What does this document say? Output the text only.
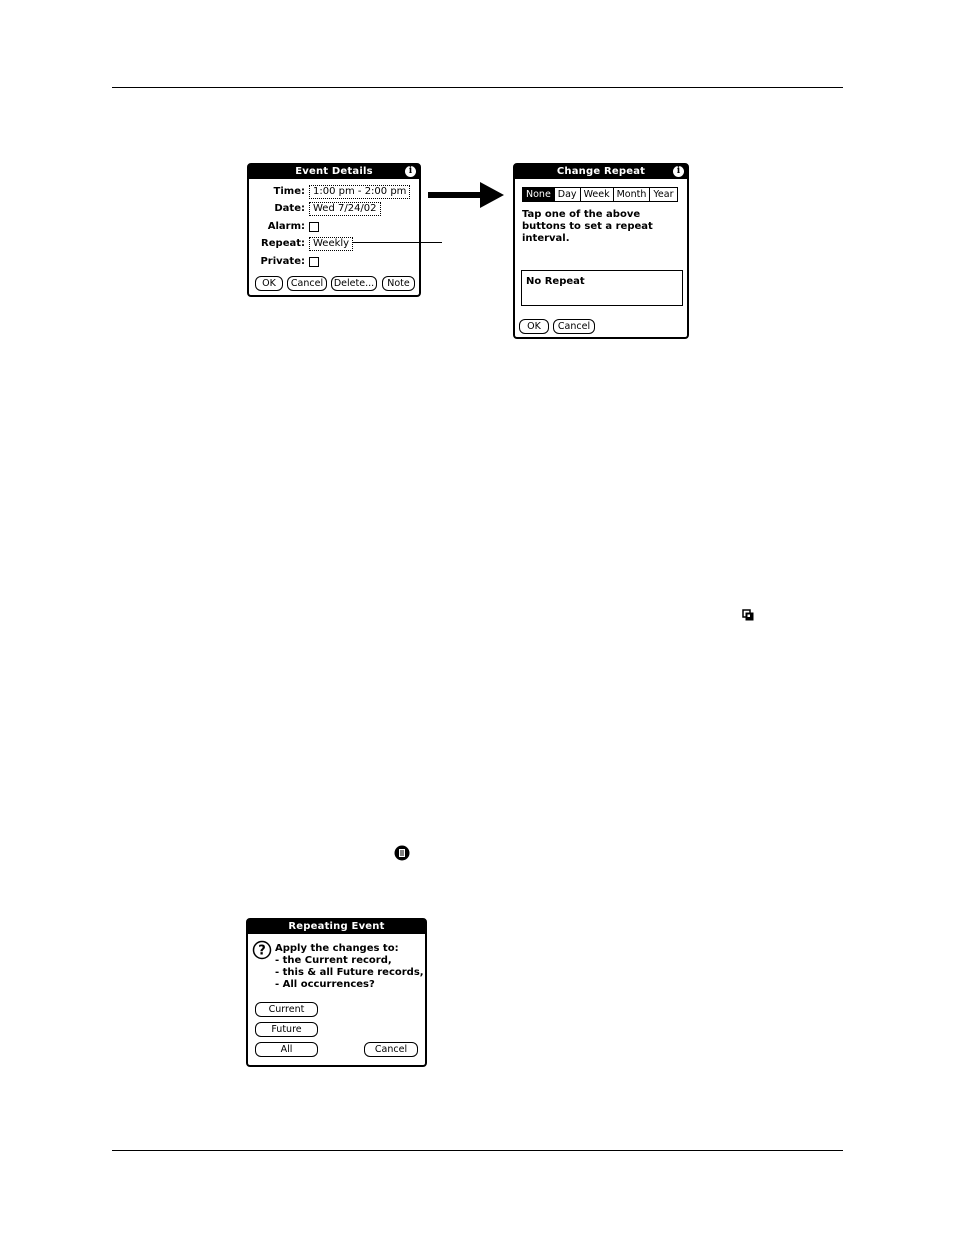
Event Details	i
Time: 1:00 pm - 2:00 pm
Date: Wed 7/24/02
Alarm:
Repeat: Weekly
Private:
OK	Cancel	Delete...	Note
Change Repeat	i
None Day Week Month Year
Tap one of the above
buttons to set a repeat
interval.
No Repeat
OK	Cancel
Repeating Event
? Apply the changes to:
- the Current record,
- this & all Future records,
- All occurrences?
Current
Future
All	Cancel
